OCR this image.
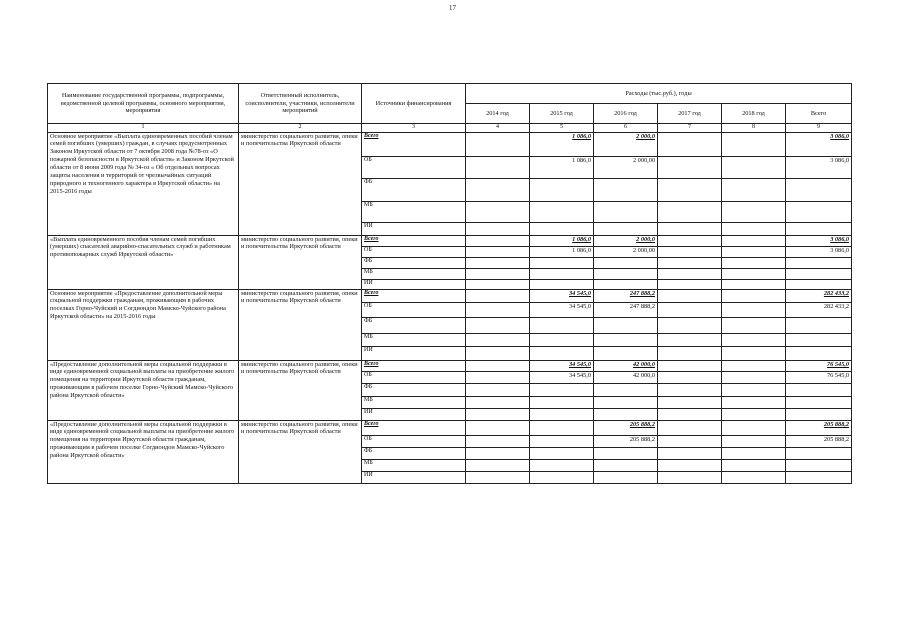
17
Наименование государственной программы, подпрограммы, ведомственной целевой программы, основного мероприятия, мероприятия	Ответственный исполнитель, соисполнители, участники, исполнители мероприятий	Источники финансирования	Расходы (тыс.руб.), годы					
			2014 год	2015 год	2016 год	2017 год	2018 год	Всего
1	2	3	4	5	6	7	8	9
Основное мероприятие «Выплата единовременных пособий членам семей погибших (умерших) граждан, в случаях предусмотренных Законом Иркутской области от 7 октября 2008 года №78-оз «О пожарной безопасности в Иркутской области» и Законом Иркутской области от 8 июня 2009 года № 34-оз « Об отдельных вопросах защиты населения и территорий от чрезвычайных ситуаций природного и техногенного характера в Иркутской области» на 2015-2016 годы	министерство социального развития, опеки и попечительства Иркутской области	Всего		1 086,0	2 000,0			3 086,0
		ОБ		1 086,0	2 000,00			3 086,0
		ФБ						
		МБ						
		ИИ						
«Выплата единовременного пособия членам семей погибших (умерших) спасателей аварийно-спасательных служб и работникам противопожарных служб Иркутской области»	министерство социального развития, опеки и попечительства Иркутской области	Всего		1 086,0	2 000,0			3 086,0
		ОБ		1 086,0	2 000,00			3 086,0
		ФБ						
		МБ						
		ИИ						
Основное мероприятие «Предоставление дополнительной меры социальной поддержки гражданам, проживающим в рабочих поселках Горно-Чуйский и Согдиондон Мамско-Чуйского района Иркутской области» на 2015-2016 годы	министерство социального развития, опеки и попечительства Иркутской области	Всего		34 545,0	247 888,2			282 433,2
		ОБ		34 545,0	247 888,2			282 433,2
		ФБ						
		МБ						
		ИИ						
«Предоставление дополнительной меры социальной поддержки в виде единовременной социальной выплаты на приобретение жилого помещения на территории Иркутской области гражданам, проживающим в рабочем поселке Горно-Чуйский Мамско-Чуйского района Иркутской области»	министерство социального развития, опеки и попечительства Иркутской области	Всего		34 545,0	42 000,0			76 545,0
		ОБ		34 545,0	42 000,0			76 545,0
		ФБ						
		МБ						
		ИИ						
«Предоставление дополнительной меры социальной поддержки в виде единовременной социальной выплаты на приобретение жилого помещения на территории Иркутской области гражданам, проживающим в рабочем поселке Согдиондон Мамско-Чуйского района Иркутской области»	министерство социального развития, опеки и попечительства Иркутской области	Всего			205 888,2			205 888,2
		ОБ			205 888,2			205 888,2
		ФБ						
		МБ						
		ИИ						
